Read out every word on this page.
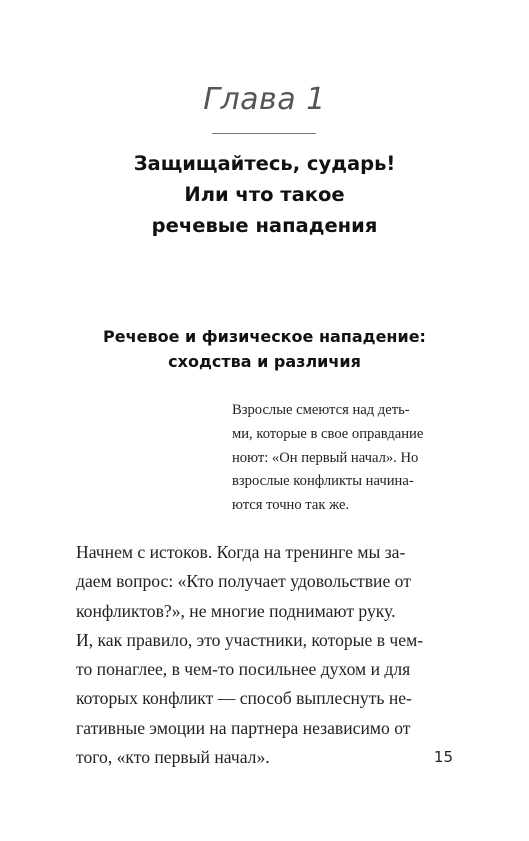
Глава 1
Защищайтесь, сударь!
Или что такое
речевые нападения
Речевое и физическое нападение:
сходства и различия
Взрослые смеются над деть-
ми, которые в свое оправдание
ноют: «Он первый начал». Но
взрослые конфликты начина-
ются точно так же.
Начнем с истоков. Когда на тренинге мы за-
даем вопрос: «Кто получает удовольствие от
конфликтов?», не многие поднимают руку.
И, как правило, это участники, которые в чем-
то понаглее, в чем-то посильнее духом и для
которых конфликт — способ выплеснуть не-
гативные эмоции на партнера независимо от
того, «кто первый начал».	15
